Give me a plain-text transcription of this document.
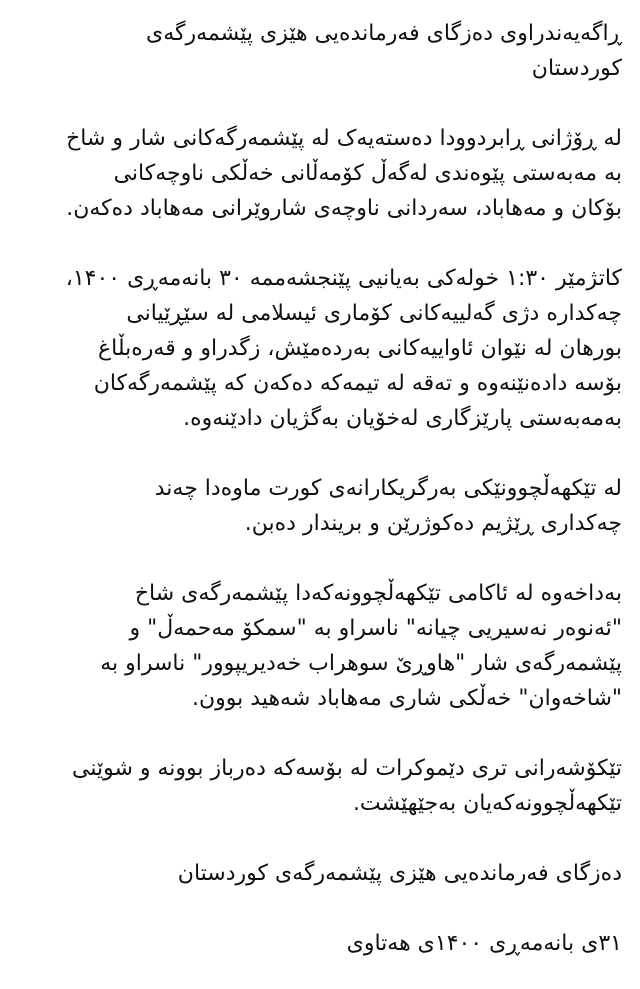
ڕاگەیەندراوی دەزگای فەرماندەیی هێزی پێشمەرگەی
کوردستان

لە ڕۆژانی ڕابردوودا دەستەیەک لە پێشمەرگەکانی شار و شاخ
بە مەبەستی پێوەندی لەگەڵ کۆمەڵانی خەڵکی ناوچەکانی
بۆکان و مەهاباد، سەردانی ناوچەی شاروێرانی مەهاباد دەکەن.

کاتژمێر ۱:۳۰ خولەکی بەیانیی پێنجشەممە ۳۰ بانەمەڕی ۱۴۰۰،
چەکدارە دژی گەلییەکانی کۆماری ئیسلامی لە سێڕێیانی
بورهان لە نێوان ئاواییەکانی بەردەمێش، زگدراو و قەرەبڵاغ
بۆسە دادەنێنەوە و تەقە لە تیمەکە دەکەن کە پێشمەرگەکان
بەمەبەستی پارێزگاری لەخۆیان بەگژیان دادێنەوە.

لە تێکهەڵچوونێکی بەرگریکارانەی کورت ماوەدا چەند
چەکداری ڕێژیم دەکوژرێن و بریندار دەبن.

بەداخەوە لە ئاکامی تێکهەڵچوونەکەدا پێشمەرگەی شاخ
"ئەنوەر نەسیریی چیانە" ناسراو بە "سمکۆ مەحمەڵ" و
پێشمەرگەی شار "هاوڕێ سوهراب خەدیریپوور" ناسراو بە
"شاخەوان" خەڵکی شاری مەهاباد شەهید بوون.

تێکۆشەرانی تری دێموکرات لە بۆسەکە دەرباز بوونە و شوێنی
تێکهەڵچوونەکەیان بەجێهێشت.

دەزگای فەرماندەیی هێزی پێشمەرگەی کوردستان

۳۱ی بانەمەڕی ۱۴۰۰ی هەتاوی
